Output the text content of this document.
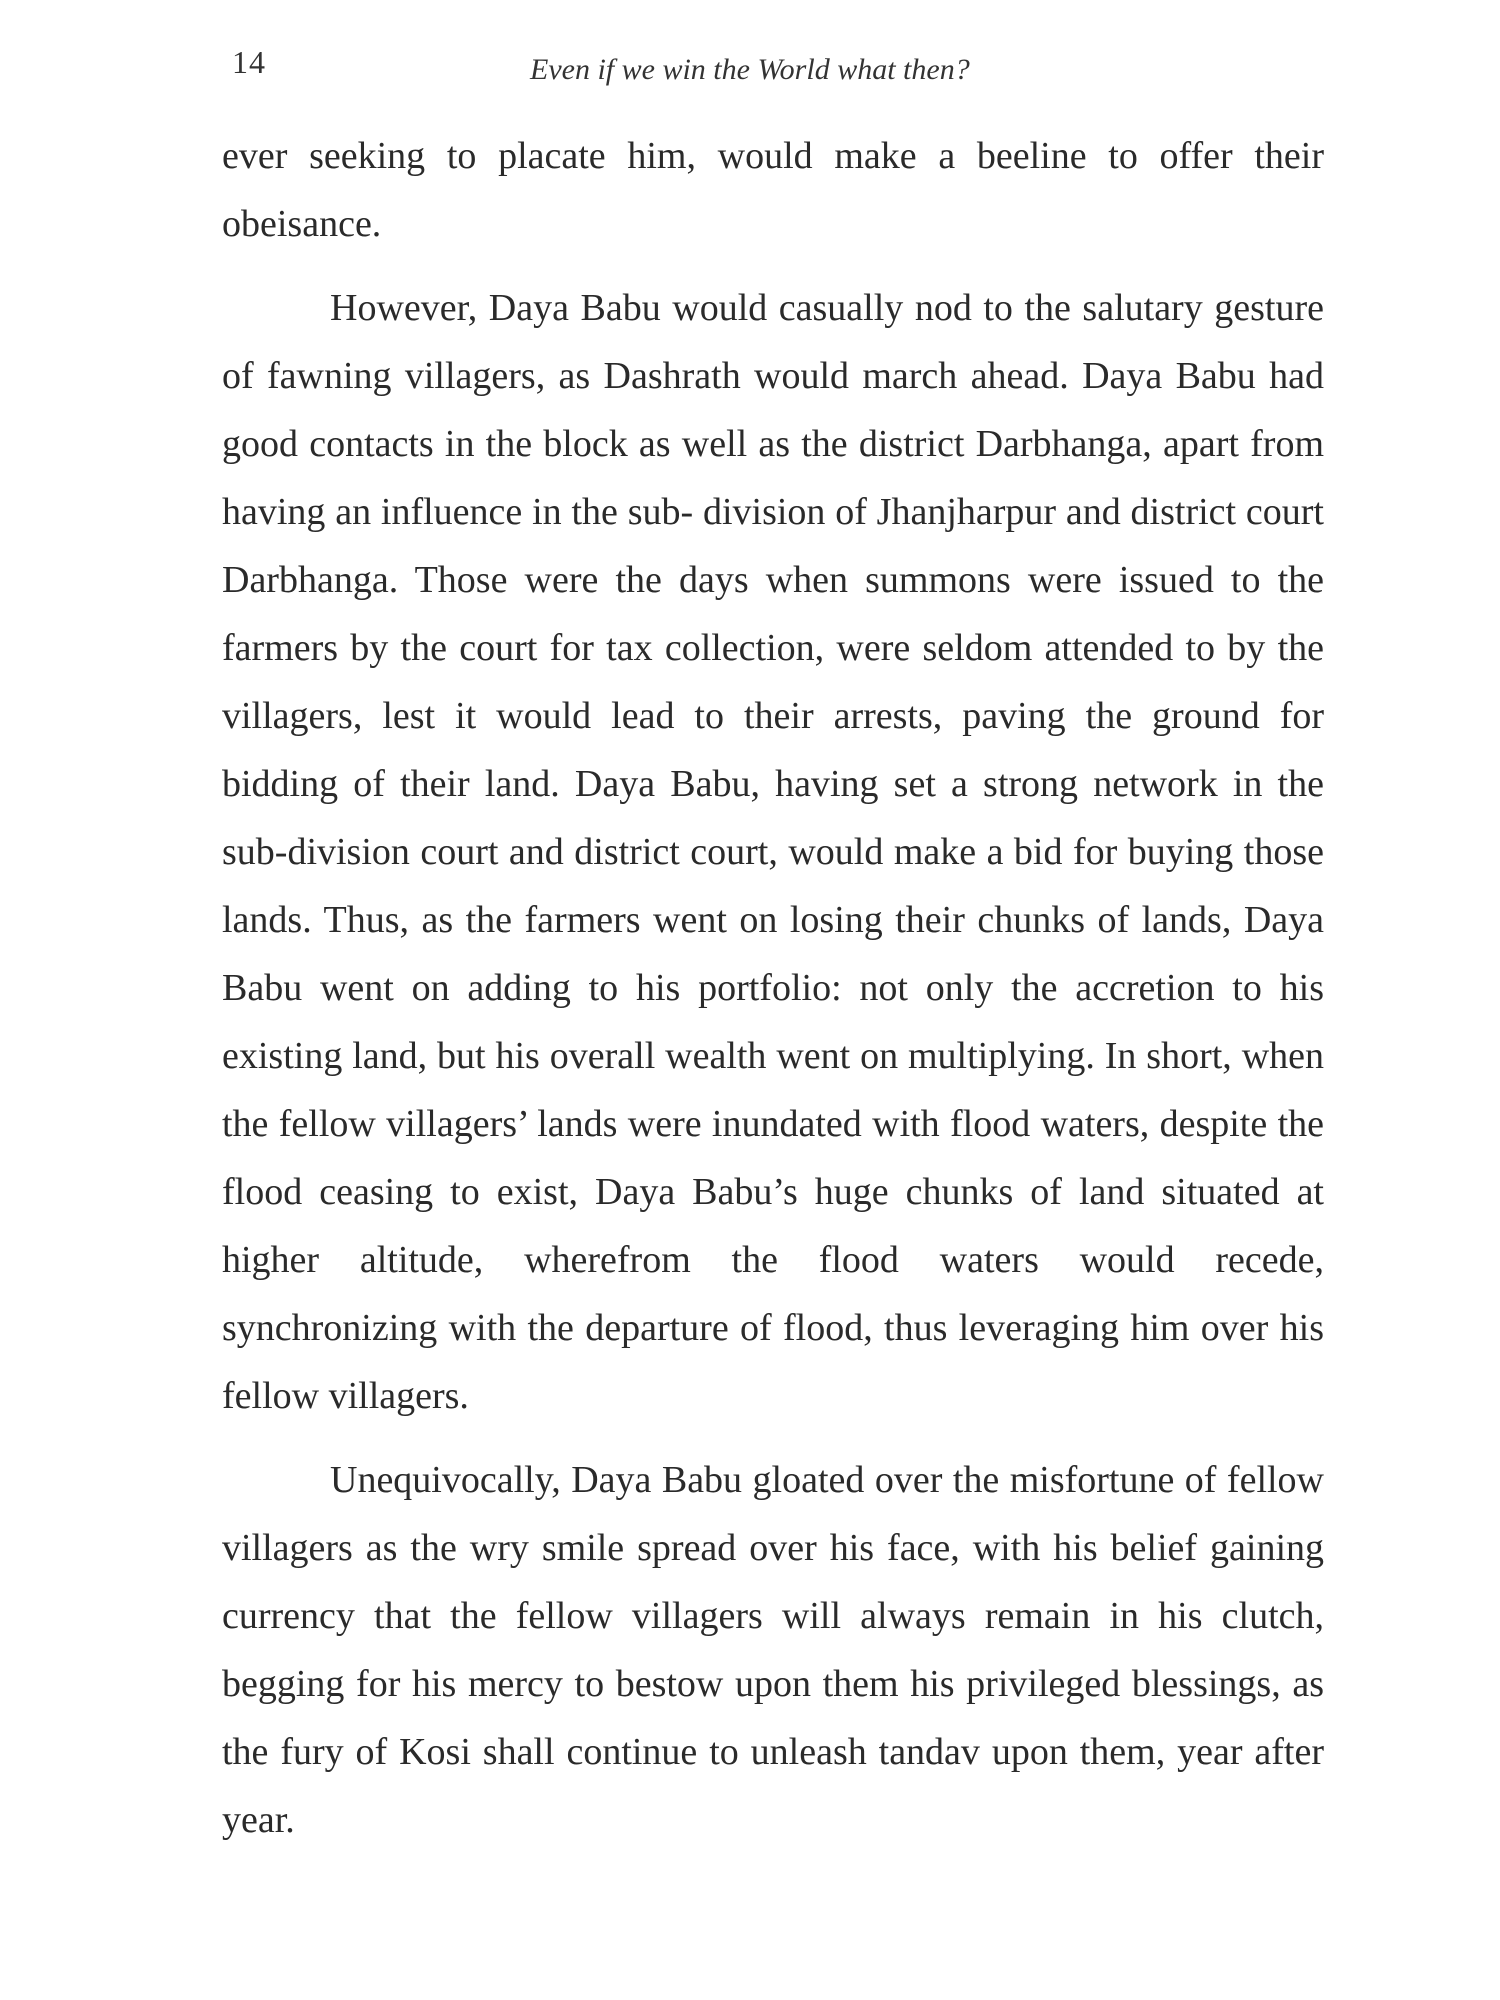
14	Even if we win the World what then?

ever seeking to placate him, would make a beeline to offer their obeisance.

However, Daya Babu would casually nod to the salutary gesture of fawning villagers, as Dashrath would march ahead. Daya Babu had good contacts in the block as well as the district Darbhanga, apart from having an influence in the sub- division of Jhanjharpur and district court Darbhanga. Those were the days when summons were issued to the farmers by the court for tax collection, were seldom attended to by the villagers, lest it would lead to their arrests, paving the ground for bidding of their land. Daya Babu, having set a strong network in the sub-division court and district court, would make a bid for buying those lands. Thus, as the farmers went on losing their chunks of lands, Daya Babu went on adding to his portfolio: not only the accretion to his existing land, but his overall wealth went on multiplying. In short, when the fellow villagers’ lands were inundated with flood waters, despite the flood ceasing to exist, Daya Babu’s huge chunks of land situated at higher altitude, wherefrom the flood waters would recede, synchronizing with the departure of flood, thus leveraging him over his fellow villagers.

Unequivocally, Daya Babu gloated over the misfortune of fellow villagers as the wry smile spread over his face, with his belief gaining currency that the fellow villagers will always remain in his clutch, begging for his mercy to bestow upon them his privileged blessings, as the fury of Kosi shall continue to unleash tandav upon them, year after year.
